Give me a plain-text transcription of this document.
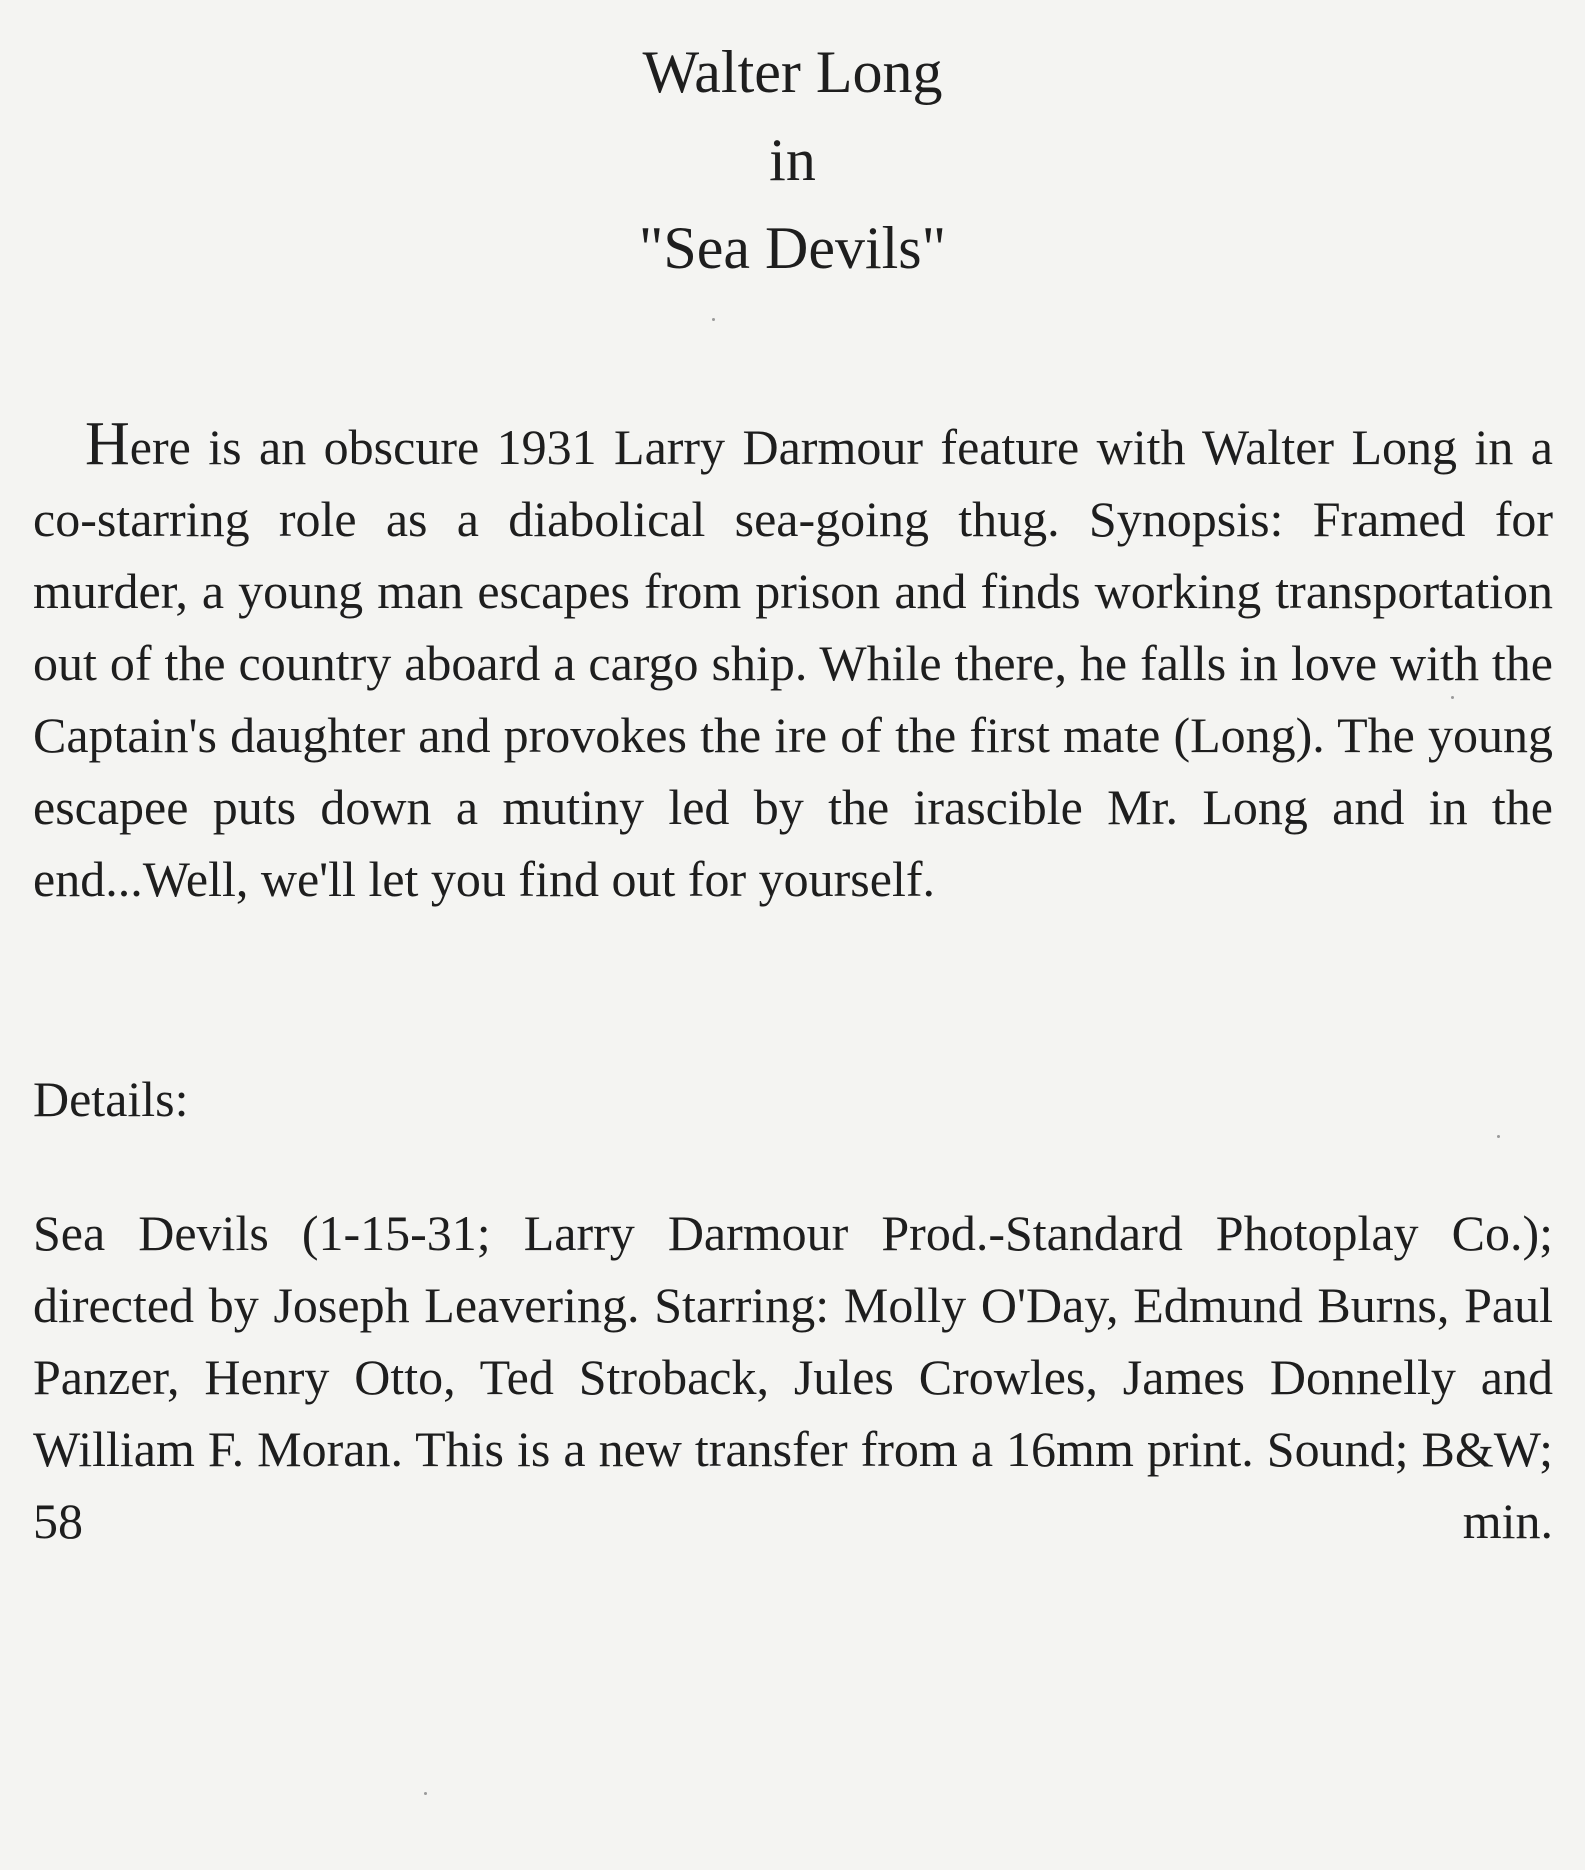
Walter Long
in
"Sea Devils"

Here is an obscure 1931 Larry Darmour feature with Walter Long in a co-starring role as a diabolical sea-going thug. Synopsis: Framed for murder, a young man escapes from prison and finds working transportation out of the country aboard a cargo ship. While there, he falls in love with the Captain's daughter and provokes the ire of the first mate (Long). The young escapee puts down a mutiny led by the irascible Mr. Long and in the end...Well, we'll let you find out for yourself.

Details:

Sea Devils (1-15-31; Larry Darmour Prod.-Standard Photoplay Co.); directed by Joseph Leavering. Starring: Molly O'Day, Edmund Burns, Paul Panzer, Henry Otto, Ted Stroback, Jules Crowles, James Donnelly and William F. Moran. This is a new transfer from a 16mm print. Sound; B&W; 58 min.
